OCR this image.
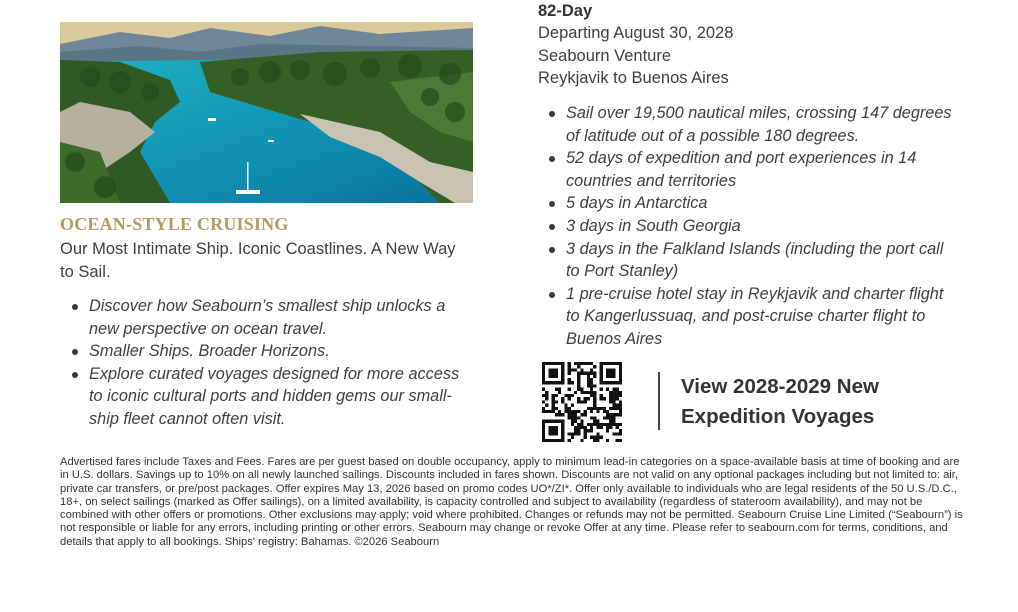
OCEAN-STYLE CRUISING
Our Most Intimate Ship. Iconic Coastlines. A New Way to Sail.
Discover how Seabourn’s smallest ship unlocks a new perspective on ocean travel.
Smaller Ships. Broader Horizons.
Explore curated voyages designed for more access to iconic cultural ports and hidden gems our small-ship fleet cannot often visit.
82-Day
Departing August 30, 2028
Seabourn Venture
Reykjavik to Buenos Aires
Sail over 19,500 nautical miles, crossing 147 degrees of latitude out of a possible 180 degrees.
52 days of expedition and port experiences in 14 countries and territories
5 days in Antarctica
3 days in South Georgia
3 days in the Falkland Islands (including the port call to Port Stanley)
1 pre-cruise hotel stay in Reykjavik and charter flight to Kangerlussuaq, and post-cruise charter flight to Buenos Aires
View 2028-2029 New
Expedition Voyages
Advertised fares include Taxes and Fees. Fares are per guest based on double occupancy, apply to minimum lead-in categories on a space-available basis at time of booking and are in U.S. dollars. Savings up to 10% on all newly launched sailings. Discounts included in fares shown. Discounts are not valid on any optional packages including but not limited to: air, private car transfers, or pre/post packages. Offer expires May 13, 2026 based on promo codes UO*/ZI*. Offer only available to individuals who are legal residents of the 50 U.S./D.C., 18+, on select sailings (marked as Offer sailings), on a limited availability, is capacity controlled and subject to availability (regardless of stateroom availability), and may not be combined with other offers or promotions. Other exclusions may apply; void where prohibited. Changes or refunds may not be permitted. Seabourn Cruise Line Limited (“Seabourn”) is not responsible or liable for any errors, including printing or other errors. Seabourn may change or revoke Offer at any time. Please refer to seabourn.com for terms, conditions, and details that apply to all bookings. Ships' registry: Bahamas. ©2026 Seabourn
